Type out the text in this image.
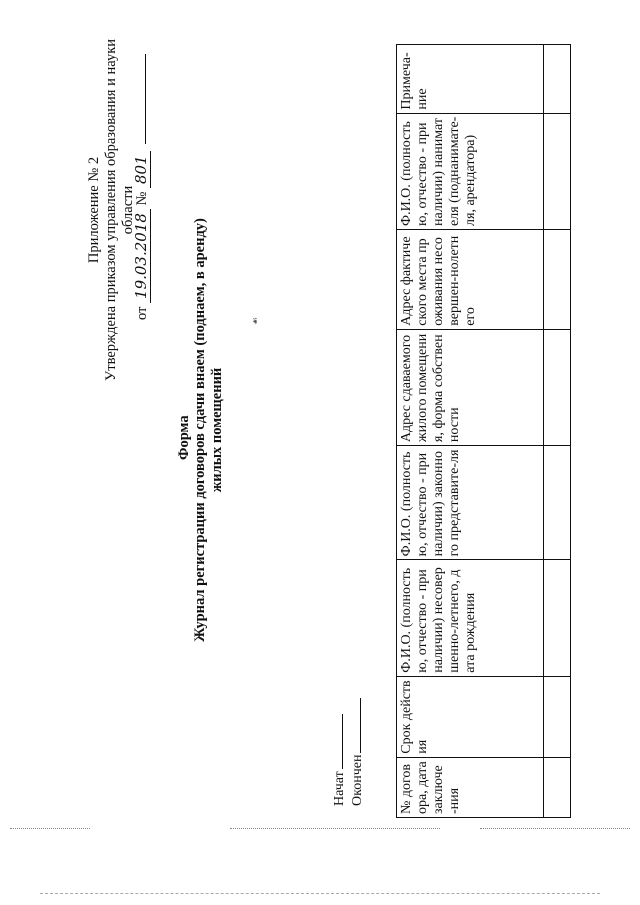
Приложение № 2 Утверждена приказом управления образования и науки области
от 19.03.2018 № 801
Форма Журнал регистрации договоров сдачи внаем (поднаем, в аренду) жилых помещений
☙
Начат Окончен № договора, дата заключе-ния	Срок действия	Ф.И.О. (полностью, отчество - при наличии) несовершенно-летнего, дата рождения	Ф.И.О. (полностью, отчество - при наличии) законного представите-ля	Адрес сдаваемого жилого помещения, форма собственности	Адрес фактического места проживания несовершен-нолетнего	Ф.И.О. (полностью, отчество - при наличии) нанимателя (поднанимате-ля, арендатора)	Примеча-ние
